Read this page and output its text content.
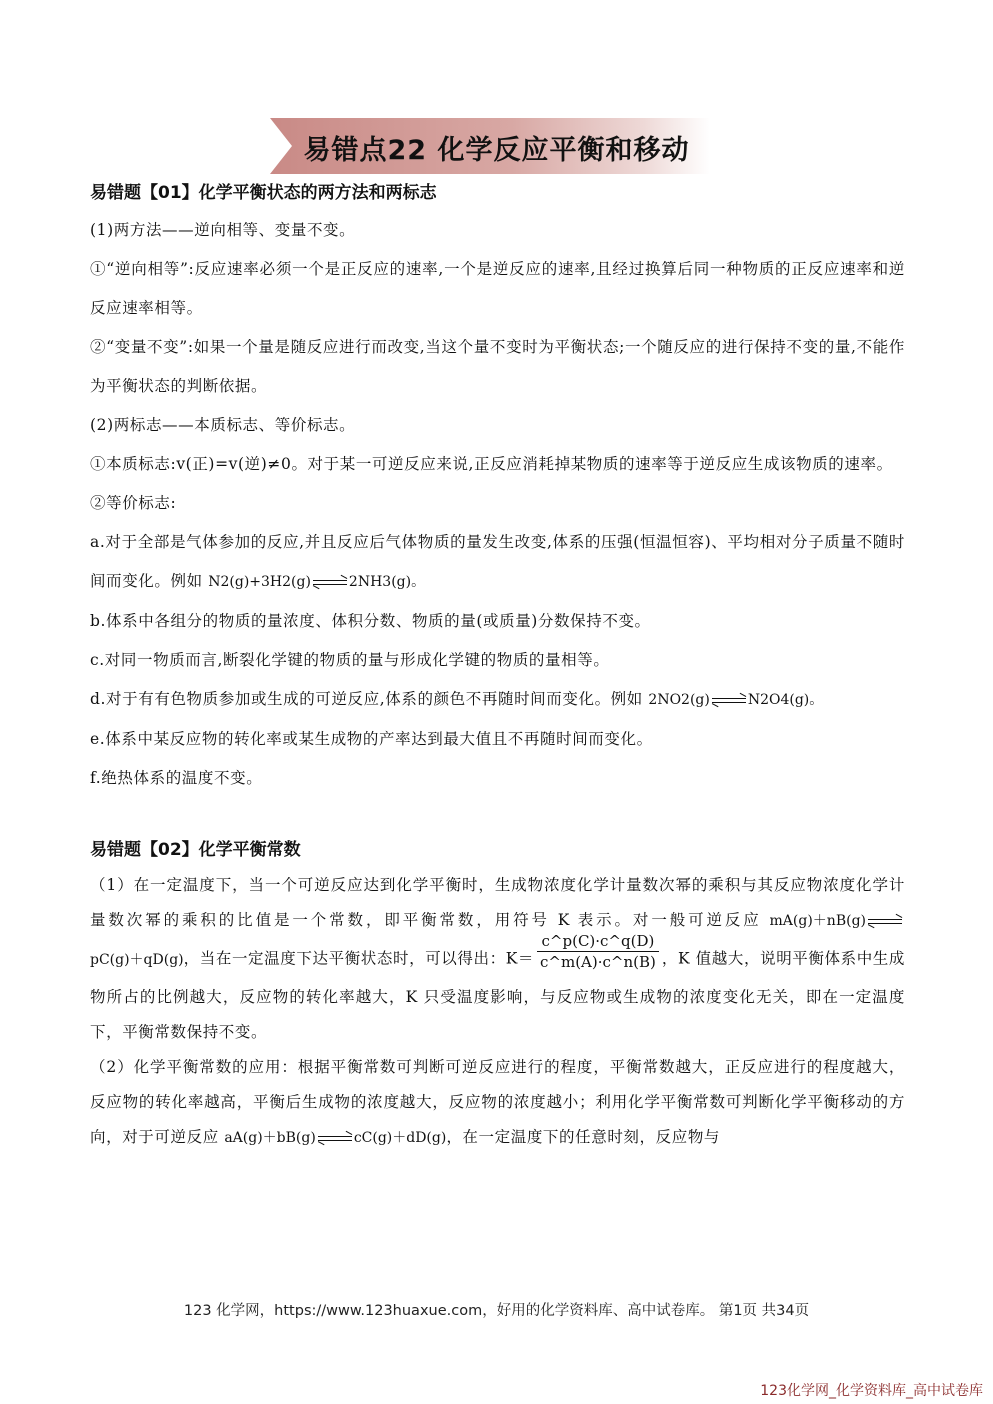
易错点22 化学反应平衡和移动
易错题【01】化学平衡状态的两方法和两标志
(1)两方法——逆向相等、变量不变。
①“逆向相等”:反应速率必须一个是正反应的速率,一个是逆反应的速率,且经过换算后同一种物质的正反应速率和逆反应速率相等。
②“变量不变”:如果一个量是随反应进行而改变,当这个量不变时为平衡状态;一个随反应的进行保持不变的量,不能作为平衡状态的判断依据。
(2)两标志——本质标志、等价标志。
①本质标志:v(正)=v(逆)≠0。对于某一可逆反应来说,正反应消耗掉某物质的速率等于逆反应生成该物质的速率。
②等价标志:
a.对于全部是气体参加的反应,并且反应后气体物质的量发生改变,体系的压强(恒温恒容)、平均相对分子质量不随时间而变化。例如 N2(g)+3H2(g)	2NH3(g)。
b.体系中各组分的物质的量浓度、体积分数、物质的量(或质量)分数保持不变。
c.对同一物质而言,断裂化学键的物质的量与形成化学键的物质的量相等。
d.对于有有色物质参加或生成的可逆反应,体系的颜色不再随时间而变化。例如 2NO2(g)	N2O4(g)。
e.体系中某反应物的转化率或某生成物的产率达到最大值且不再随时间而变化。
f.绝热体系的温度不变。
易错题【02】化学平衡常数
（1）在一定温度下，当一个可逆反应达到化学平衡时，生成物浓度化学计量数次幂的乘积与其反应物浓度化学计量数次幂的乘积的比值是一个常数，即平衡常数，用符号 K 表示。对一般可逆反应 mA(g)＋nB(g)
pC(g)＋qD(g)，当在一定温度下达平衡状态时，可以得出：$K= \frac{c\^{}p(C)\cdot c\^{}q(D)}{c\^{}m(A)\cdot c\^{}n(B)}$ ，K 值越大，说明平衡体系中生成物所占的比例越大，反应物的转化率越大，K 只受温度影响，与反应物或生成物的浓度变化无关，即在一定温度下，平衡常数保持不变。
（2）化学平衡常数的应用：根据平衡常数可判断可逆反应进行的程度，平衡常数越大，正反应进行的程度越大，反应物的转化率越高，平衡后生成物的浓度越大，反应物的浓度越小；利用化学平衡常数可判断化学平衡移动的方向，对于可逆反应 aA(g)＋bB(g)	cC(g)＋dD(g)，在一定温度下的任意时刻，反应物与
123 化学网，https://www.123huaxue.com，好用的化学资料库、高中试卷库。 第1页 共34页
123化学网_化学资料库_高中试卷库
